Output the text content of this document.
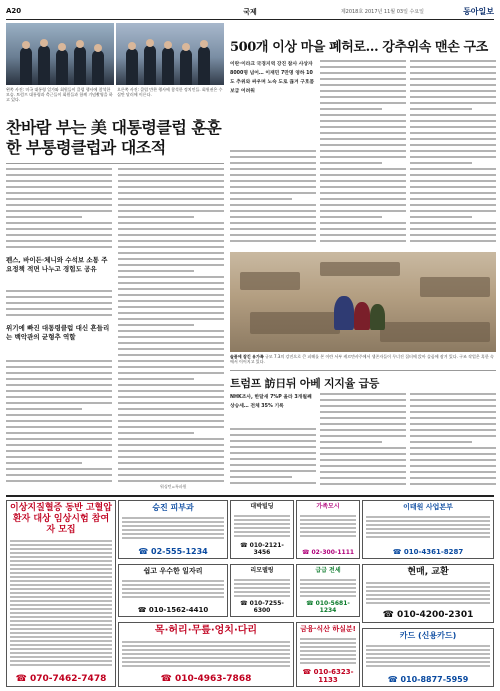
A20	국제	제2018호 2017년 11월 03일 수요일	동아일보
왼쪽 사진: 미국 대통령 일가와 회원들이 클럽 행사에 참석한 모습. 트럼프 대통령과 측근들이 회원들과 함께 기념촬영을 하고 있다.
오른쪽 사진: 클럽 만찬 행사에 참석한 정치인들. 회원권은 수십만 달러에 이른다.
찬바람 부는 美 대통령클럽 훈훈한 부통령클럽과 대조적
펜스, 바이든·체니와 수석보 소통 주요정책 적면 나누고 경험도 공유
위기에 빠진 대통령클럽 대신 흔들리는 백악관의 균형추 역할
워싱턴=특파원
500개 이상 마을 폐허로… 강추위속 맨손 구조
이란·이라크 국경지역 강진 참사 사상자 8000명 넘어… 이재민 7만명 영하 10도 추위와 싸우며 노숙 도로 끊겨 구호품 보급 어려워
슬픔에 잠긴 유가족 규모 7.3의 강진으로 큰 피해를 본 이란 서부 케르만샤주에서 생존자들이 무너진 집터에 앉아 슬픔에 잠겨 있다. 구조 작업은 혹한 속에서 이어지고 있다.
트럼프 訪日뒤 아베 지지율 급등
NHK조사, 한달새 7%P 올라 3개월째 상승세… 전체 35% 기록
이상지질혈증 동반 고혈압 환자 대상 임상시험 참여자 모집
☎ 070-7462-7478
승진 피부과
☎ 02-555-1234
대박빌딩
☎ 010-2121-3456
가족모시
☎ 02-300-1111
이태원 사업본부
☎ 010-4361-8287
쉽고 우수한 일자리
☎ 010-1562-4410
목·허리·무릎·엉치·다리
☎ 010-4963-7868
리모델링
☎ 010-7255-6300
급급 전세
☎ 010-5681-1234
금융·식산 하실분!
☎ 010-6323-1133
현매, 교환
☎ 010-4200-2301
카드 (신용카드)
☎ 010-8877-5959
